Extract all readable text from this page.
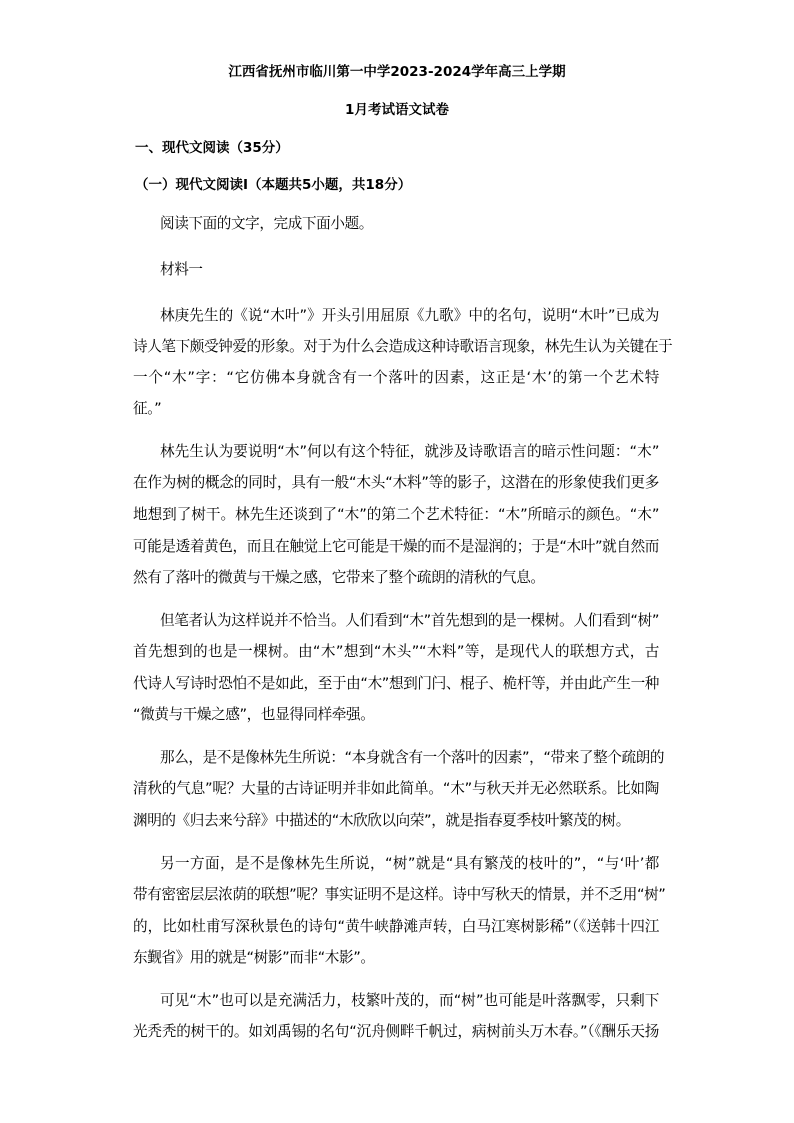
江西省抚州市临川第一中学2023-2024学年高三上学期
1月考试语文试卷
一、现代文阅读（35分）
（一）现代文阅读Ⅰ（本题共5小题，共18分）
阅读下面的文字，完成下面小题。
材料一
林庚先生的《说“木叶”》开头引用屈原《九歌》中的名句，说明“木叶”已成为
诗人笔下颇受钟爱的形象。对于为什么会造成这种诗歌语言现象，林先生认为关键在于
一个“木”字：“它仿佛本身就含有一个落叶的因素，这正是‘木’的第一个艺术特
征。”
林先生认为要说明“木”何以有这个特征，就涉及诗歌语言的暗示性问题：“木”
在作为树的概念的同时，具有一般“木头“木料”等的影子，这潜在的形象使我们更多
地想到了树干。林先生还谈到了“木”的第二个艺术特征：“木”所暗示的颜色。“木”
可能是透着黄色，而且在触觉上它可能是干燥的而不是湿润的；于是“木叶”就自然而
然有了落叶的微黄与干燥之感，它带来了整个疏朗的清秋的气息。
但笔者认为这样说并不恰当。人们看到“木”首先想到的是一棵树。人们看到“树”
首先想到的也是一棵树。由“木”想到“木头”“木料”等，是现代人的联想方式，古
代诗人写诗时恐怕不是如此，至于由“木”想到门闩、棍子、桅杆等，并由此产生一种
“微黄与干燥之感”，也显得同样牵强。
那么，是不是像林先生所说：“本身就含有一个落叶的因素”，“带来了整个疏朗的
清秋的气息”呢？大量的古诗证明并非如此简单。“木”与秋天并无必然联系。比如陶
渊明的《归去来兮辞》中描述的“木欣欣以向荣”，就是指春夏季枝叶繁茂的树。
另一方面，是不是像林先生所说，“树”就是“具有繁茂的枝叶的”，“与‘叶’都
带有密密层层浓荫的联想”呢？事实证明不是这样。诗中写秋天的情景，并不乏用“树”
的，比如杜甫写深秋景色的诗句“黄牛峡静滩声转，白马江寒树影稀”（《送韩十四江
东觐省》用的就是“树影”而非“木影”。
可见“木”也可以是充满活力，枝繁叶茂的，而“树”也可能是叶落飘零，只剩下
光秃秃的树干的。如刘禹锡的名句“沉舟侧畔千帆过，病树前头万木春。”（《酬乐天扬
